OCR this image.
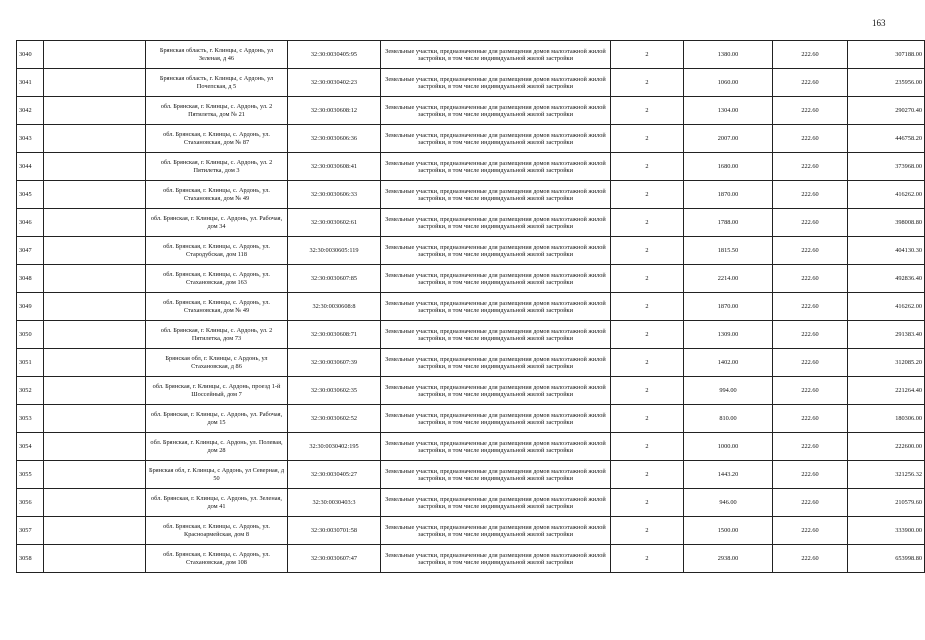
163
3040		Брянская область, г. Клинцы, с Ардонь, ул Зеленая, д 46	32:30:0030405:95	Земельные участки, предназначенные для размещения домов малоэтажной жилой застройки, в том числе индивидуальной жилой застройки	2	1380.00	222.60	307188.00
3041		Брянская область, г. Клинцы, с Ардонь, ул Почепская, д 5	32:30:0030402:23	Земельные участки, предназначенные для размещения домов малоэтажной жилой застройки, в том числе индивидуальной жилой застройки	2	1060.00	222.60	235956.00
3042		обл. Брянская, г. Клинцы, с. Ардонь, ул. 2 Пятилетка, дом № 21	32:30:0030608:12	Земельные участки, предназначенные для размещения домов малоэтажной жилой застройки, в том числе индивидуальной жилой застройки	2	1304.00	222.60	290270.40
3043		обл. Брянская, г. Клинцы, с. Ардонь, ул. Стахановская, дом № 87	32:30:0030606:36	Земельные участки, предназначенные для размещения домов малоэтажной жилой застройки, в том числе индивидуальной жилой застройки	2	2007.00	222.60	446758.20
3044		обл. Брянская, г. Клинцы, с. Ардонь, ул. 2 Пятилетка, дом 3	32:30:0030608:41	Земельные участки, предназначенные для размещения домов малоэтажной жилой застройки, в том числе индивидуальной жилой застройки	2	1680.00	222.60	373968.00
3045		обл. Брянская, г. Клинцы, с. Ардонь, ул. Стахановская, дом № 49	32:30:0030606:33	Земельные участки, предназначенные для размещения домов малоэтажной жилой застройки, в том числе индивидуальной жилой застройки	2	1870.00	222.60	416262.00
3046		обл. Брянская, г. Клинцы, с. Ардонь, ул. Рабочая, дом 34	32:30:0030602:61	Земельные участки, предназначенные для размещения домов малоэтажной жилой застройки, в том числе индивидуальной жилой застройки	2	1788.00	222.60	398008.80
3047		обл. Брянская, г. Клинцы, с. Ардонь, ул. Стародубская, дом 118	32:30:0030605:119	Земельные участки, предназначенные для размещения домов малоэтажной жилой застройки, в том числе индивидуальной жилой застройки	2	1815.50	222.60	404130.30
3048		обл. Брянская, г. Клинцы, с. Ардонь, ул. Стахановская, дом 163	32:30:0030607:85	Земельные участки, предназначенные для размещения домов малоэтажной жилой застройки, в том числе индивидуальной жилой застройки	2	2214.00	222.60	492836.40
3049		обл. Брянская, г. Клинцы, с. Ардонь, ул. Стахановская, дом № 49	32:30:0030608:8	Земельные участки, предназначенные для размещения домов малоэтажной жилой застройки, в том числе индивидуальной жилой застройки	2	1870.00	222.60	416262.00
3050		обл. Брянская, г. Клинцы, с. Ардонь, ул. 2 Пятилетка, дом 73	32:30:0030608:71	Земельные участки, предназначенные для размещения домов малоэтажной жилой застройки, в том числе индивидуальной жилой застройки	2	1309.00	222.60	291383.40
3051		Брянская обл, г. Клинцы, с Ардонь, ул Стахановская, д 86	32:30:0030607:39	Земельные участки, предназначенные для размещения домов малоэтажной жилой застройки, в том числе индивидуальной жилой застройки	2	1402.00	222.60	312085.20
3052		обл. Брянская, г. Клинцы, с. Ардонь, проезд 1-й Шоссейный, дом 7	32:30:0030602:35	Земельные участки, предназначенные для размещения домов малоэтажной жилой застройки, в том числе индивидуальной жилой застройки	2	994.00	222.60	221264.40
3053		обл. Брянская, г. Клинцы, с. Ардонь, ул. Рабочая, дом 15	32:30:0030602:52	Земельные участки, предназначенные для размещения домов малоэтажной жилой застройки, в том числе индивидуальной жилой застройки	2	810.00	222.60	180306.00
3054		обл. Брянская, г. Клинцы, с. Ардонь, ул. Полевая, дом 28	32:30:0030402:195	Земельные участки, предназначенные для размещения домов малоэтажной жилой застройки, в том числе индивидуальной жилой застройки	2	1000.00	222.60	222600.00
3055		Брянская обл, г. Клинцы, с Ардонь, ул Северная, д 50	32:30:0030405:27	Земельные участки, предназначенные для размещения домов малоэтажной жилой застройки, в том числе индивидуальной жилой застройки	2	1443.20	222.60	321256.32
3056		обл. Брянская, г. Клинцы, с. Ардонь, ул. Зеленая, дом 41	32:30:0030403:3	Земельные участки, предназначенные для размещения домов малоэтажной жилой застройки, в том числе индивидуальной жилой застройки	2	946.00	222.60	210579.60
3057		обл. Брянская, г. Клинцы, с. Ардонь, ул. Красноармейская, дом 8	32:30:0030701:58	Земельные участки, предназначенные для размещения домов малоэтажной жилой застройки, в том числе индивидуальной жилой застройки	2	1500.00	222.60	333900.00
3058		обл. Брянская, г. Клинцы, с. Ардонь, ул. Стахановская, дом 108	32:30:0030607:47	Земельные участки, предназначенные для размещения домов малоэтажной жилой застройки, в том числе индивидуальной жилой застройки	2	2938.00	222.60	653998.80
